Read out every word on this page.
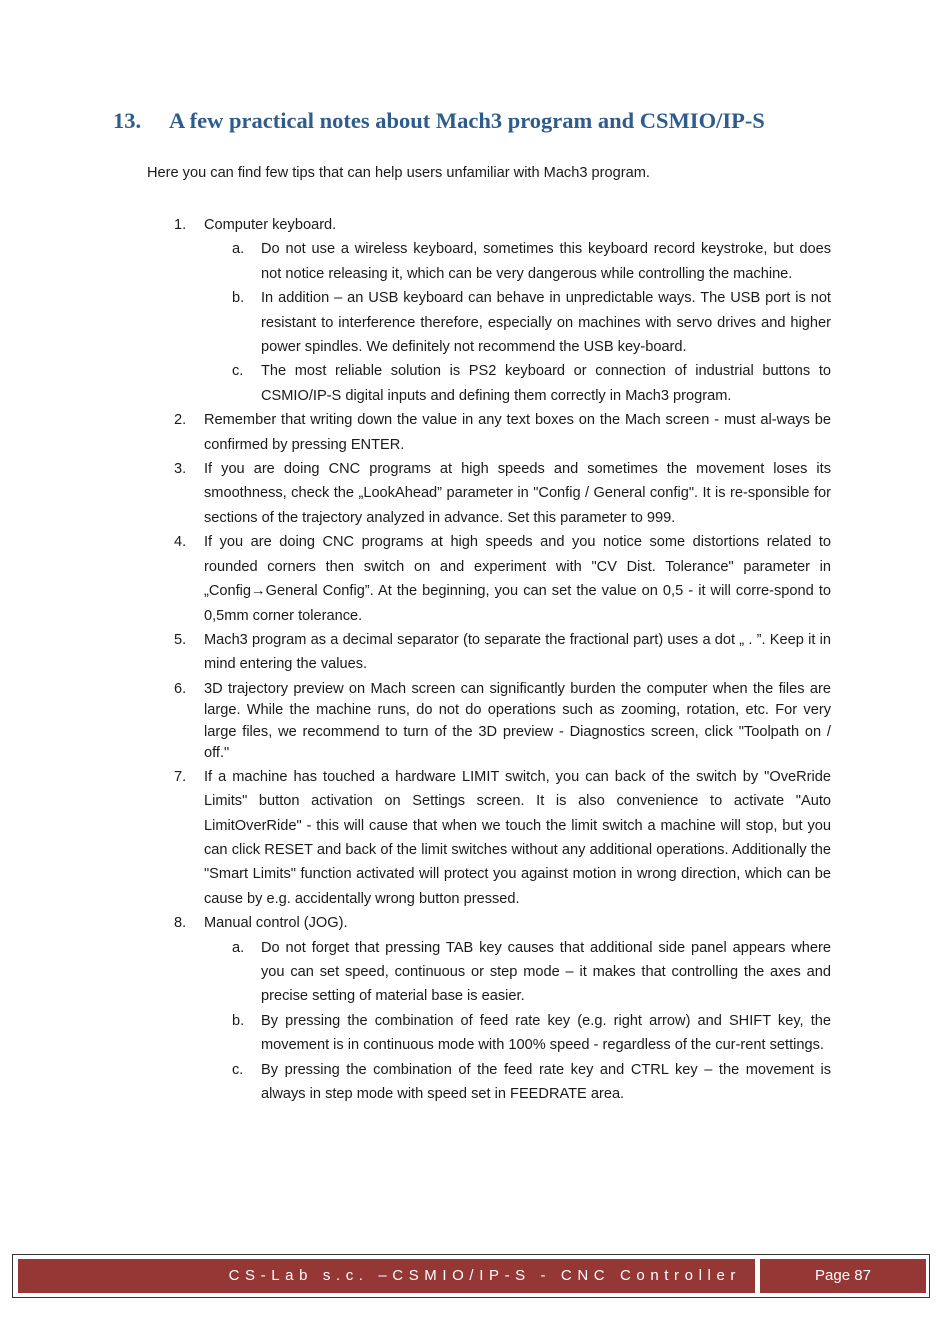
13. A few practical notes about Mach3 program and CSMIO/IP-S

Here you can find few tips that can help users unfamiliar with Mach3 program.

1. Computer keyboard.
a. Do not use a wireless keyboard, sometimes this keyboard record keystroke, but does not notice releasing it, which can be very dangerous while controlling the machine.
b. In addition – an USB keyboard can behave in unpredictable ways. The USB port is not resistant to interference therefore, especially on machines with servo drives and higher power spindles. We definitely not recommend the USB key-board.
c. The most reliable solution is PS2 keyboard or connection of industrial buttons to CSMIO/IP-S digital inputs and defining them correctly in Mach3 program.
2. Remember that writing down the value in any text boxes on the Mach screen - must al-ways be confirmed by pressing ENTER.
3. If you are doing CNC programs at high speeds and sometimes the movement loses its smoothness, check the „LookAhead” parameter in "Config / General config". It is re-sponsible for sections of the trajectory analyzed in advance. Set this parameter to 999.
4. If you are doing CNC programs at high speeds and you notice some distortions related to rounded corners then switch on and experiment with "CV Dist. Tolerance" parameter in „Config→General Config”. At the beginning, you can set the value on 0,5 - it will corre-spond to 0,5mm corner tolerance.
5. Mach3 program as a decimal separator (to separate the fractional part) uses a dot „ . ”. Keep it in mind entering the values.
6. 3D trajectory preview on Mach screen can significantly burden the computer when the files are large. While the machine runs, do not do operations such as zooming, rotation, etc. For very large files, we recommend to turn of the 3D preview - Diagnostics screen, click "Toolpath on / off."
7. If a machine has touched a hardware LIMIT switch, you can back of the switch by "OveRride Limits" button activation on Settings screen. It is also convenience to activate "Auto LimitOverRide" - this will cause that when we touch the limit switch a machine will stop, but you can click RESET and back of the limit switches without any additional operations. Additionally the "Smart Limits" function activated will protect you against motion in wrong direction, which can be cause by e.g. accidentally wrong button pressed.
8. Manual control (JOG).
a. Do not forget that pressing TAB key causes that additional side panel appears where you can set speed, continuous or step mode – it makes that controlling the axes and precise setting of material base is easier.
b. By pressing the combination of feed rate key (e.g. right arrow) and SHIFT key, the movement is in continuous mode with 100% speed - regardless of the cur-rent settings.
c. By pressing the combination of the feed rate key and CTRL key – the movement is always in step mode with speed set in FEEDRATE area.
CS-Lab s.c. –CSMIO/IP-S - CNC Controller	Page 87
